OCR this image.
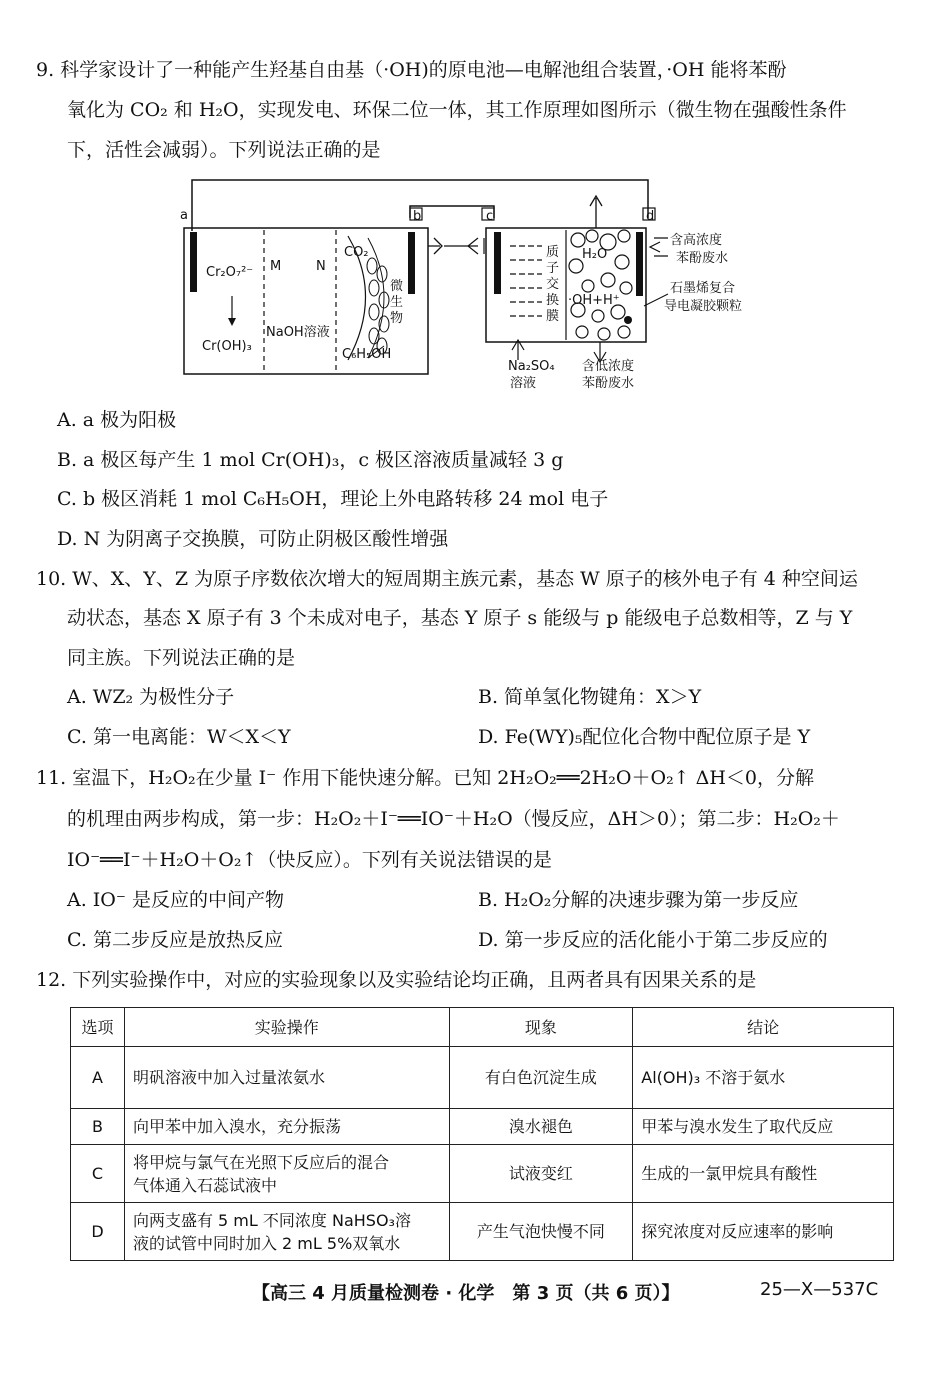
9. 科学家设计了一种能产生羟基自由基（·OH)的原电池—电解池组合装置，·OH 能将苯酚
氧化为 CO₂ 和 H₂O，实现发电、环保二位一体，其工作原理如图所示（微生物在强酸性条件
下，活性会减弱）。下列说法正确的是
a	b	c	d
Cr₂O₇²⁻
Cr(OH)₃
M	N
NaOH溶液
CO₂
微
生
物
C₆H₅OH
质
子
交
换
膜
H₂O
·OH+H⁺
含高浓度
苯酚废水
石墨烯复合
导电凝胶颗粒
Na₂SO₄
溶液
含低浓度
苯酚废水
A. a 极为阳极
B. a 极区每产生 1 mol Cr(OH)₃，c 极区溶液质量减轻 3 g
C. b 极区消耗 1 mol C₆H₅OH，理论上外电路转移 24 mol 电子
D. N 为阴离子交换膜，可防止阴极区酸性增强
10. W、X、Y、Z 为原子序数依次增大的短周期主族元素，基态 W 原子的核外电子有 4 种空间运
动状态，基态 X 原子有 3 个未成对电子，基态 Y 原子 s 能级与 p 能级电子总数相等，Z 与 Y
同主族。下列说法正确的是
A. WZ₂ 为极性分子	B. 简单氢化物键角：X＞Y
C. 第一电离能：W＜X＜Y	D. Fe(WY)₅配位化合物中配位原子是 Y
11. 室温下，H₂O₂在少量 I⁻ 作用下能快速分解。已知 2H₂O₂══2H₂O＋O₂↑ ΔH＜0，分解
的机理由两步构成，第一步：H₂O₂＋I⁻══IO⁻＋H₂O（慢反应，ΔH＞0）；第二步：H₂O₂＋
IO⁻══I⁻＋H₂O＋O₂↑（快反应）。下列有关说法错误的是
A. IO⁻ 是反应的中间产物	B. H₂O₂分解的决速步骤为第一步反应
C. 第二步反应是放热反应	D. 第一步反应的活化能小于第二步反应的
12. 下列实验操作中，对应的实验现象以及实验结论均正确，且两者具有因果关系的是
选项	实验操作	现象	结论
A	明矾溶液中加入过量浓氨水	有白色沉淀生成	Al(OH)₃ 不溶于氨水
B	向甲苯中加入溴水，充分振荡	溴水褪色	甲苯与溴水发生了取代反应
C	将甲烷与氯气在光照下反应后的混合
气体通入石蕊试液中	试液变红	生成的一氯甲烷具有酸性
D	向两支盛有 5 mL 不同浓度 NaHSO₃溶
液的试管中同时加入 2 mL 5%双氧水	产生气泡快慢不同	探究浓度对反应速率的影响
【高三 4 月质量检测卷 · 化学　第 3 页（共 6 页）】	25—X—537C
